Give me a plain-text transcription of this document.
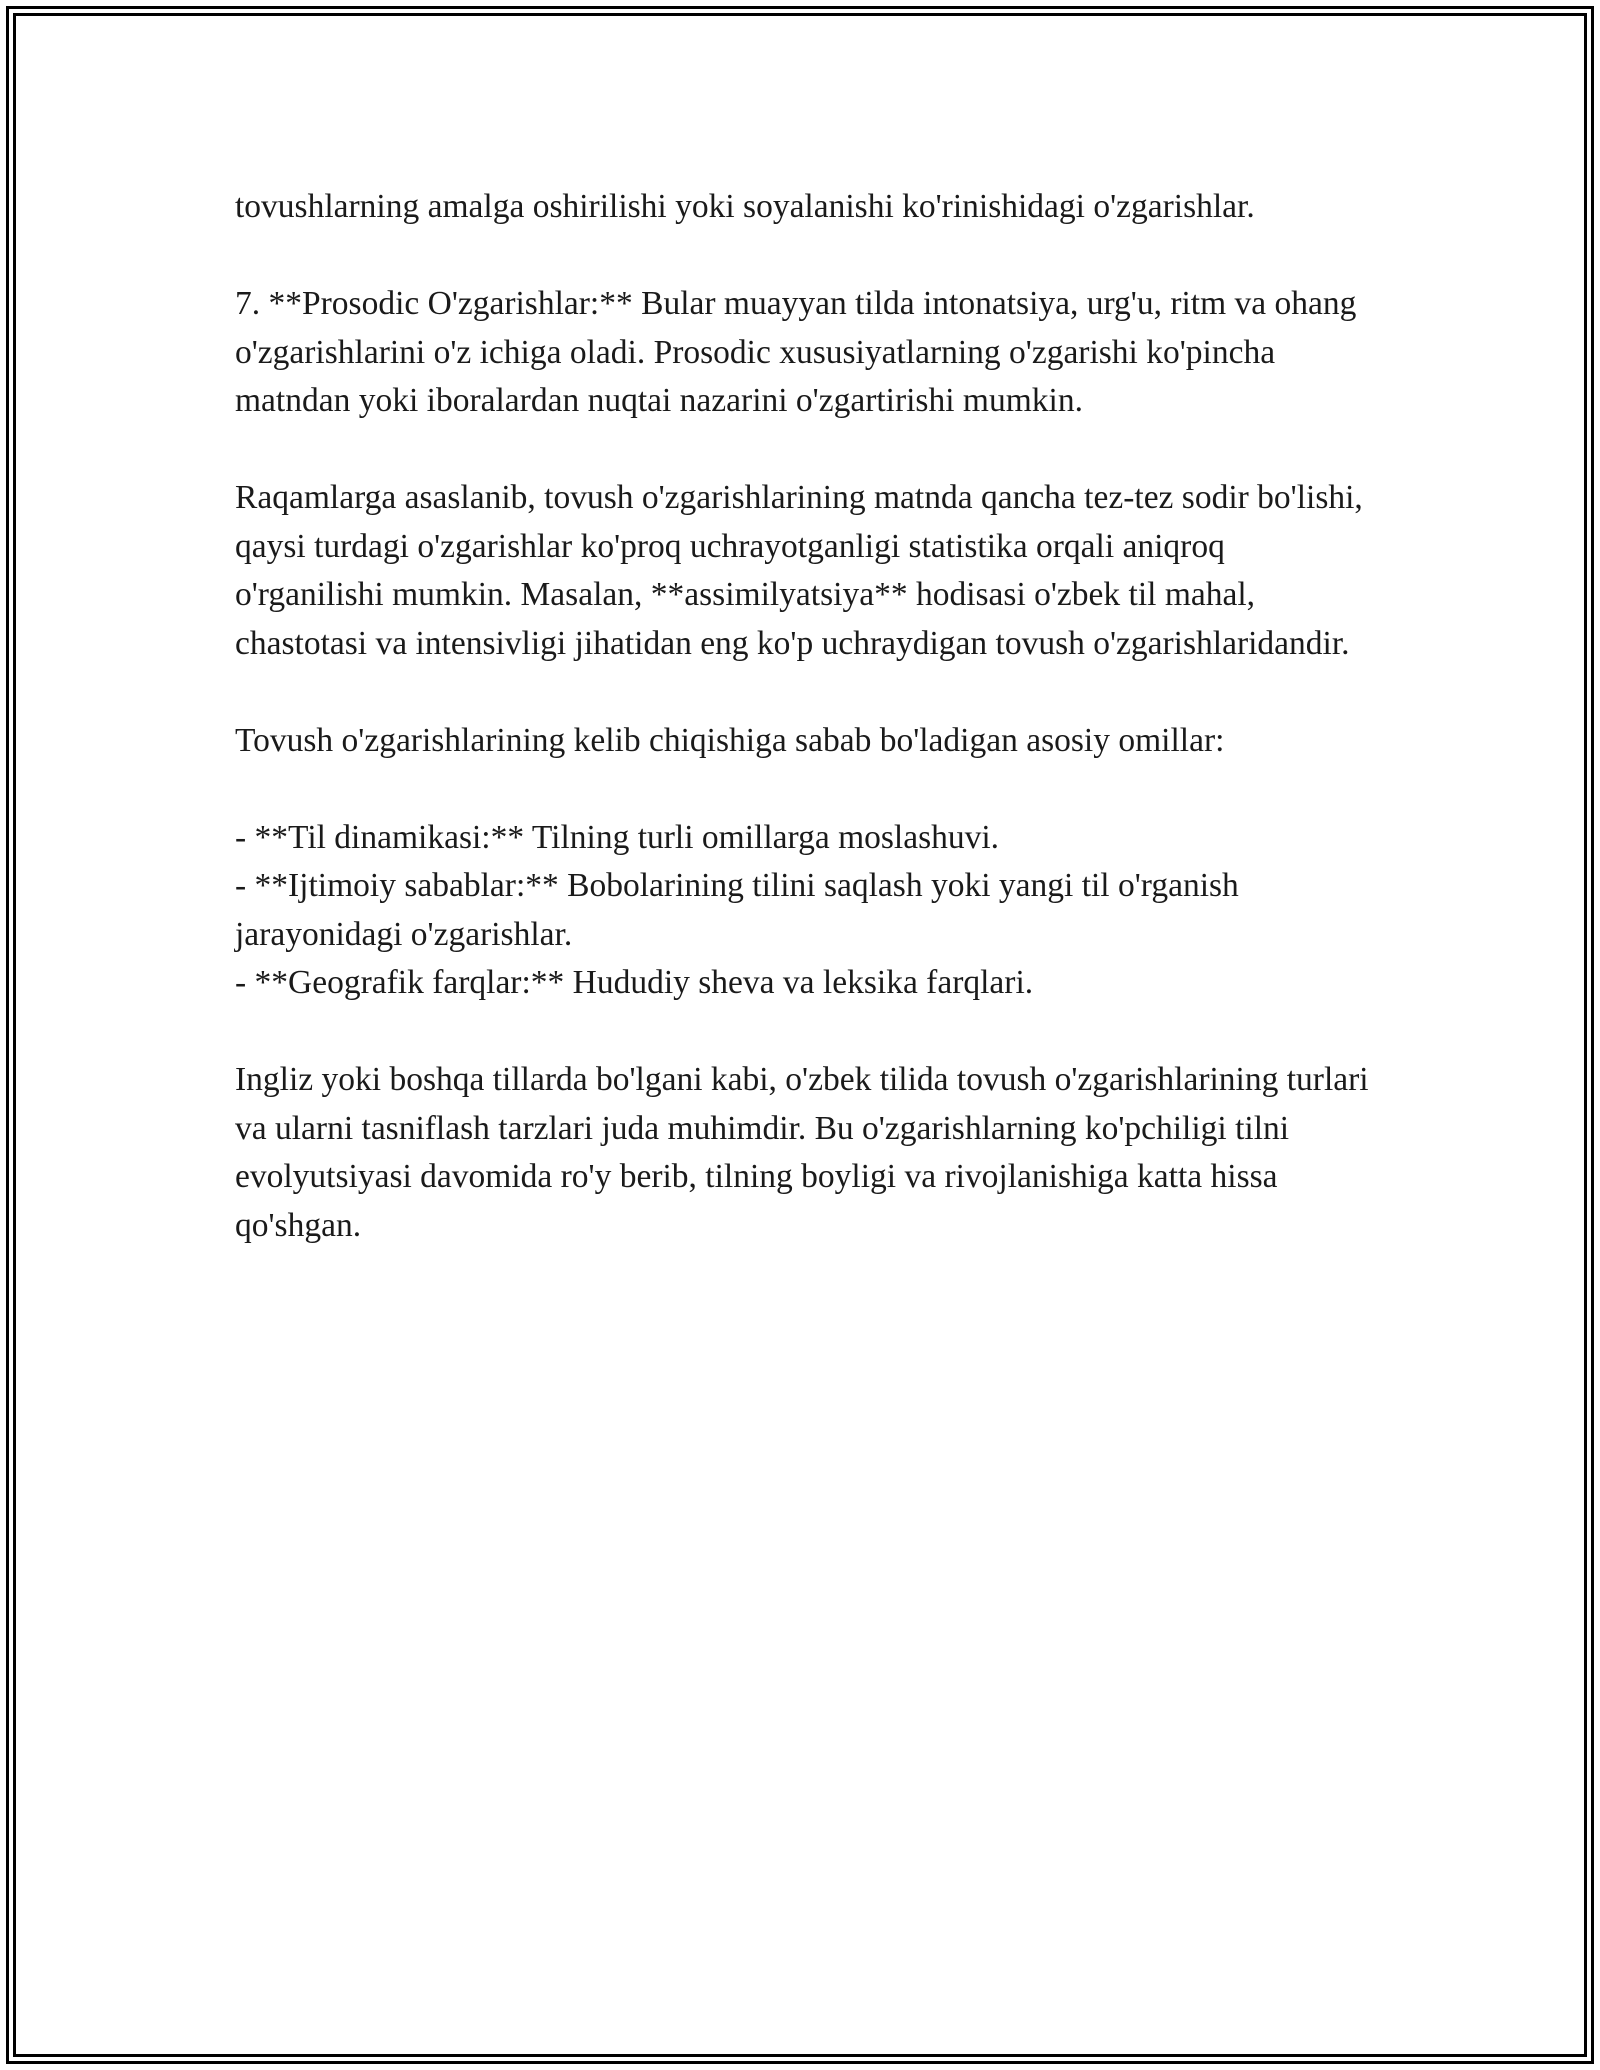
tovushlarning amalga oshirilishi yoki soyalanishi ko'rinishidagi o'zgarishlar.

7. **Prosodic O'zgarishlar:** Bular muayyan tilda intonatsiya, urg'u, ritm va ohang o'zgarishlarini o'z ichiga oladi. Prosodic xususiyatlarning o'zgarishi ko'pincha matndan yoki iboralardan nuqtai nazarini o'zgartirishi mumkin.

Raqamlarga asaslanib, tovush o'zgarishlarining matnda qancha tez-tez sodir bo'lishi, qaysi turdagi o'zgarishlar ko'proq uchrayotganligi statistika orqali aniqroq o'rganilishi mumkin. Masalan, **assimilyatsiya** hodisasi o'zbek til mahal, chastotasi va intensivligi jihatidan eng ko'p uchraydigan tovush o'zgarishlaridandir.

Tovush o'zgarishlarining kelib chiqishiga sabab bo'ladigan asosiy omillar:

- **Til dinamikasi:** Tilning turli omillarga moslashuvi.
- **Ijtimoiy sabablar:** Bobolarining tilini saqlash yoki yangi til o'rganish jarayonidagi o'zgarishlar.
- **Geografik farqlar:** Hududiy sheva va leksika farqlari.

Ingliz yoki boshqa tillarda bo'lgani kabi, o'zbek tilida tovush o'zgarishlarining turlari va ularni tasniflash tarzlari juda muhimdir. Bu o'zgarishlarning ko'pchiligi tilni evolyutsiyasi davomida ro'y berib, tilning boyligi va rivojlanishiga katta hissa qo'shgan.
